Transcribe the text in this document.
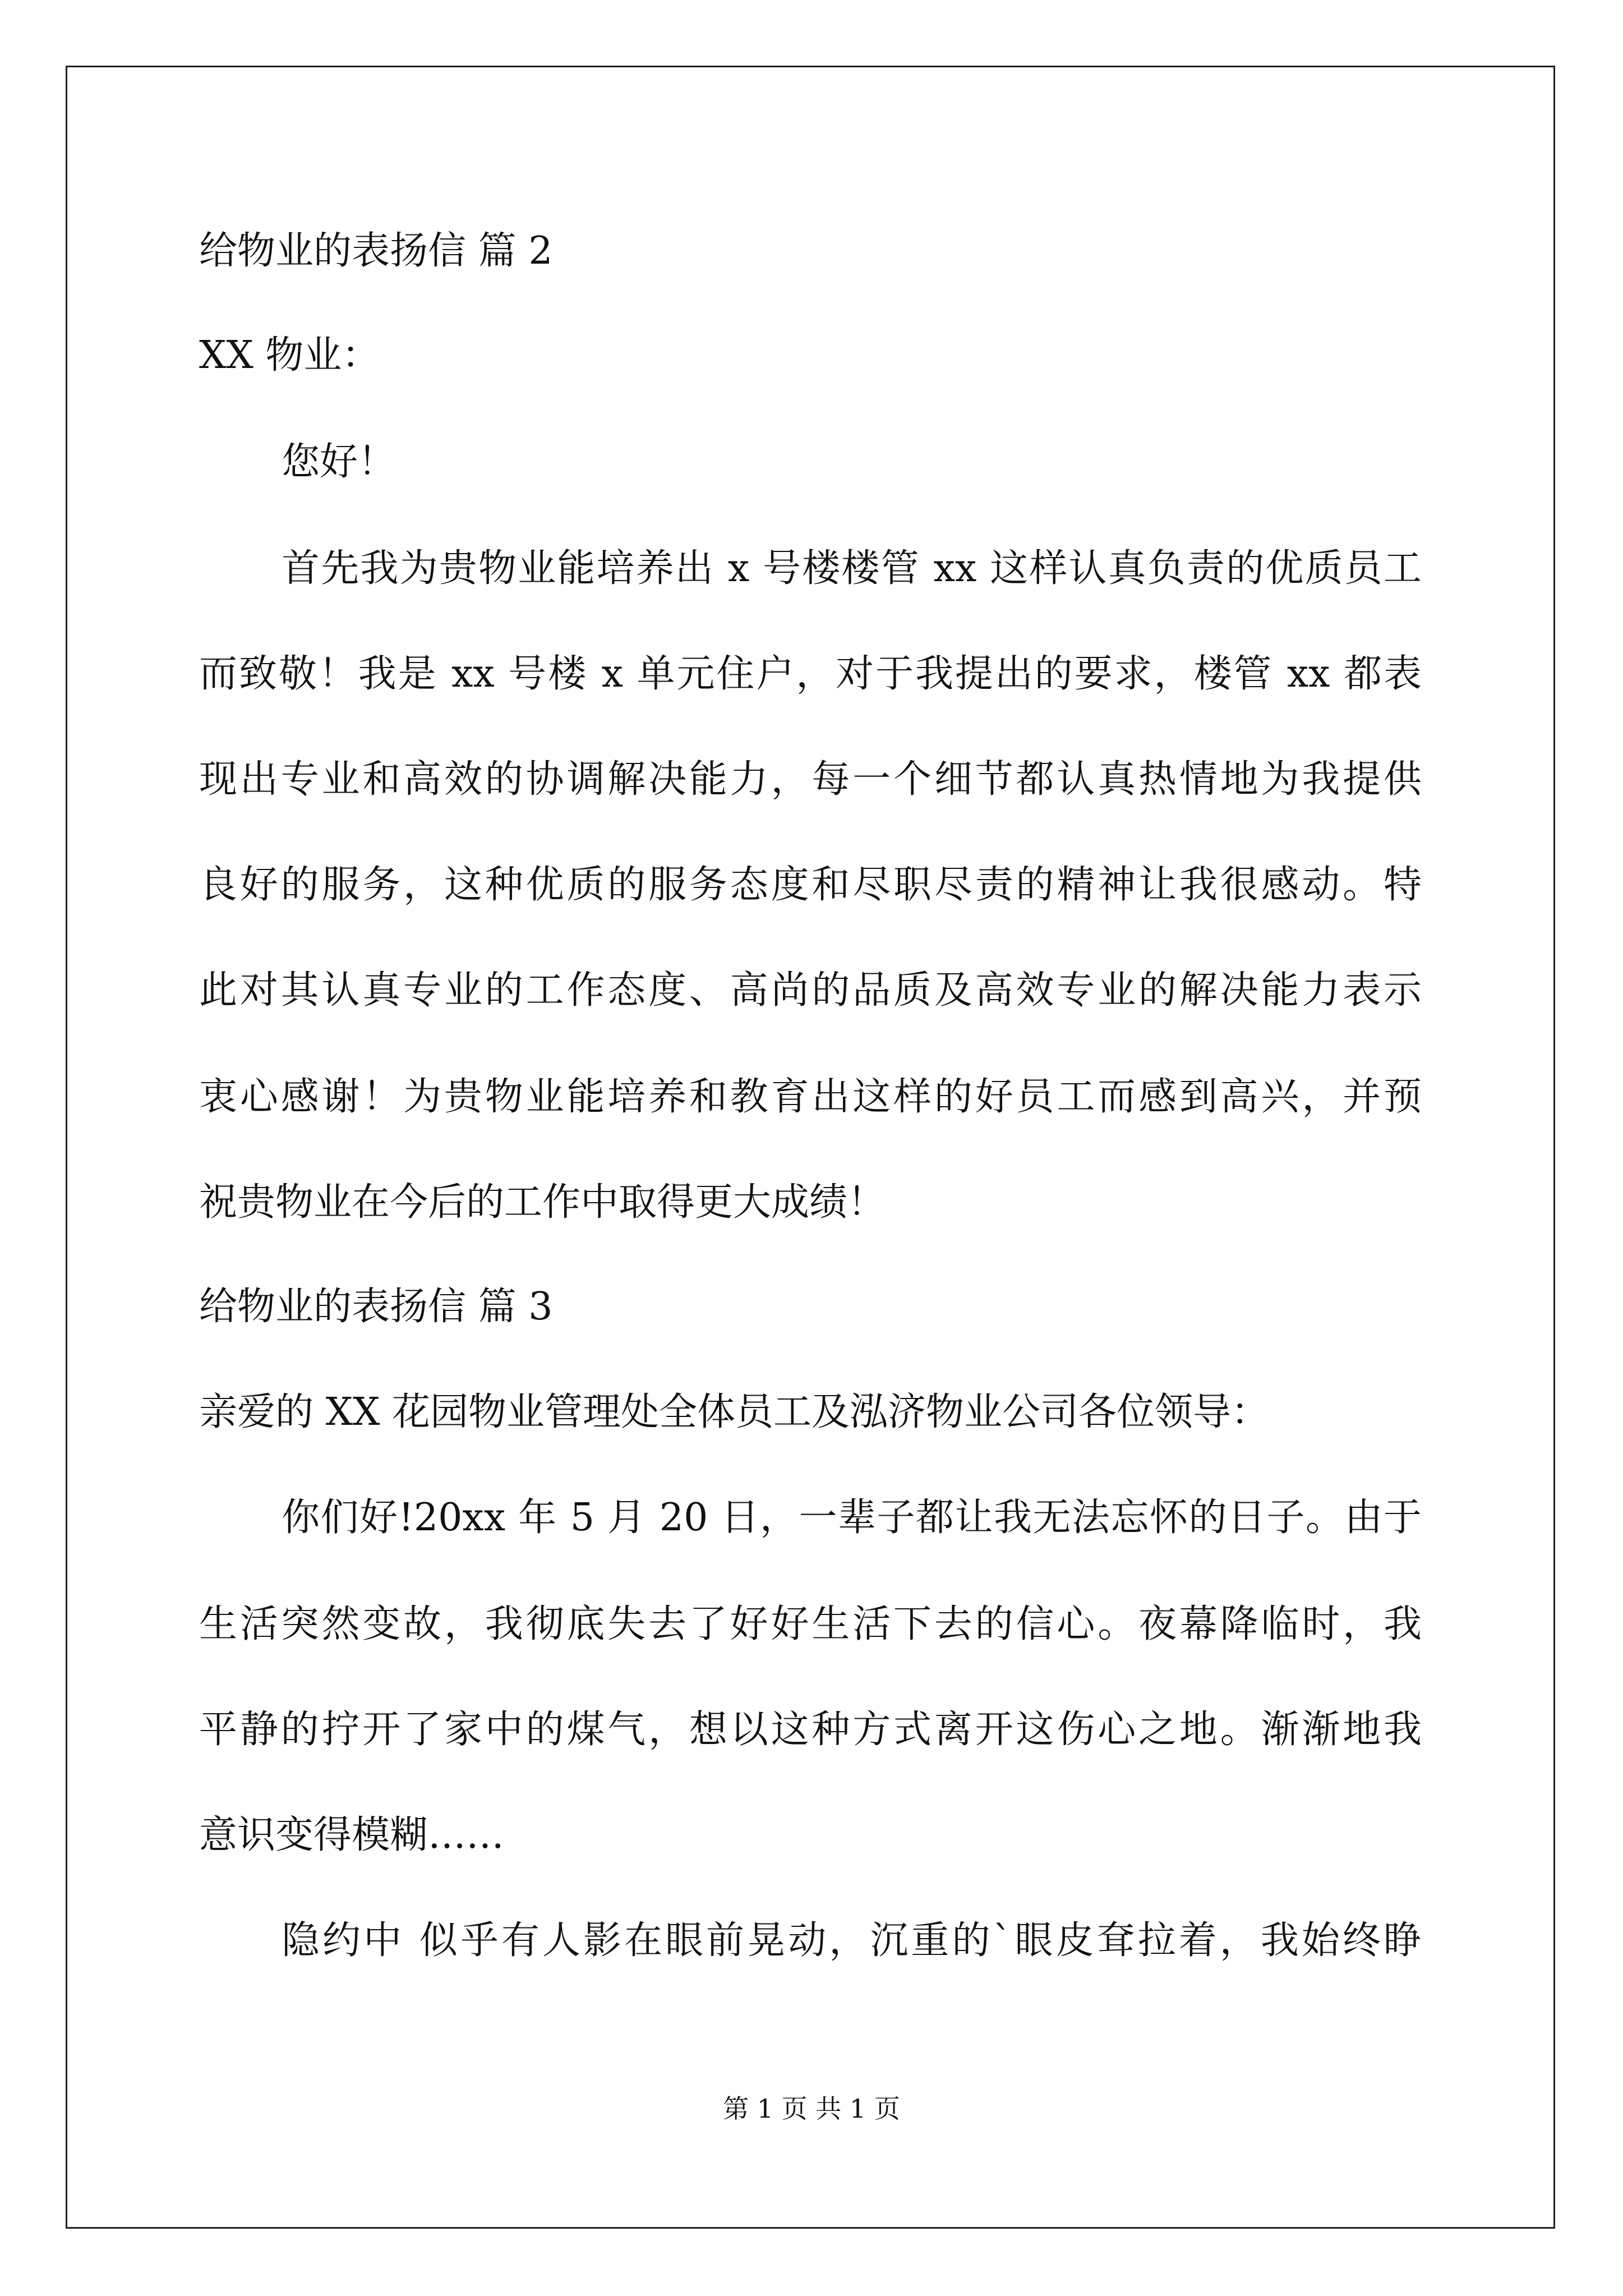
给物业的表扬信 篇 2

XX 物业：

您好！

首先我为贵物业能培养出 x 号楼楼管 xx 这样认真负责的优质员工

而致敬！我是 xx 号楼 x 单元住户，对于我提出的要求，楼管 xx 都表

现出专业和高效的协调解决能力，每一个细节都认真热情地为我提供

良好的服务，这种优质的服务态度和尽职尽责的精神让我很感动。特

此对其认真专业的工作态度、高尚的品质及高效专业的解决能力表示

衷心感谢！为贵物业能培养和教育出这样的好员工而感到高兴，并预

祝贵物业在今后的工作中取得更大成绩！

给物业的表扬信 篇 3

亲爱的 XX 花园物业管理处全体员工及泓济物业公司各位领导：

你们好!20xx 年 5 月 20 日，一辈子都让我无法忘怀的日子。由于

生活突然变故，我彻底失去了好好生活下去的信心。夜幕降临时，我

平静的拧开了家中的煤气，想以这种方式离开这伤心之地。渐渐地我

意识变得模糊……

隐约中 似乎有人影在眼前晃动，沉重的`眼皮耷拉着，我始终睁

第 1 页 共 1 页
